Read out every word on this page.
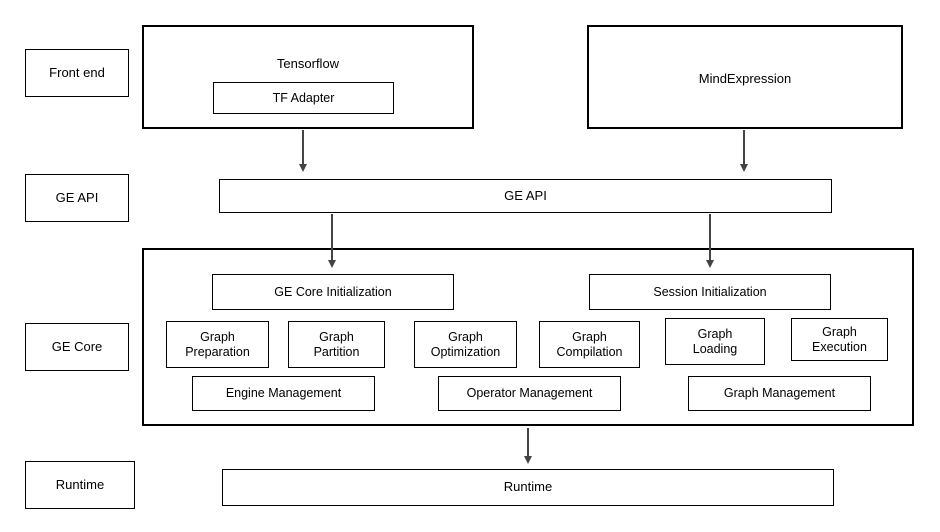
Front end
GE API
GE Core
Runtime
Tensorflow
TF Adapter
MindExpression
GE API
GE Core Initialization	Session Initialization
Graph
Preparation
Graph
Partition
Graph
Optimization
Graph
Compilation
Graph
Loading
Graph
Execution
Engine Management	Operator Management	Graph Management
Runtime
